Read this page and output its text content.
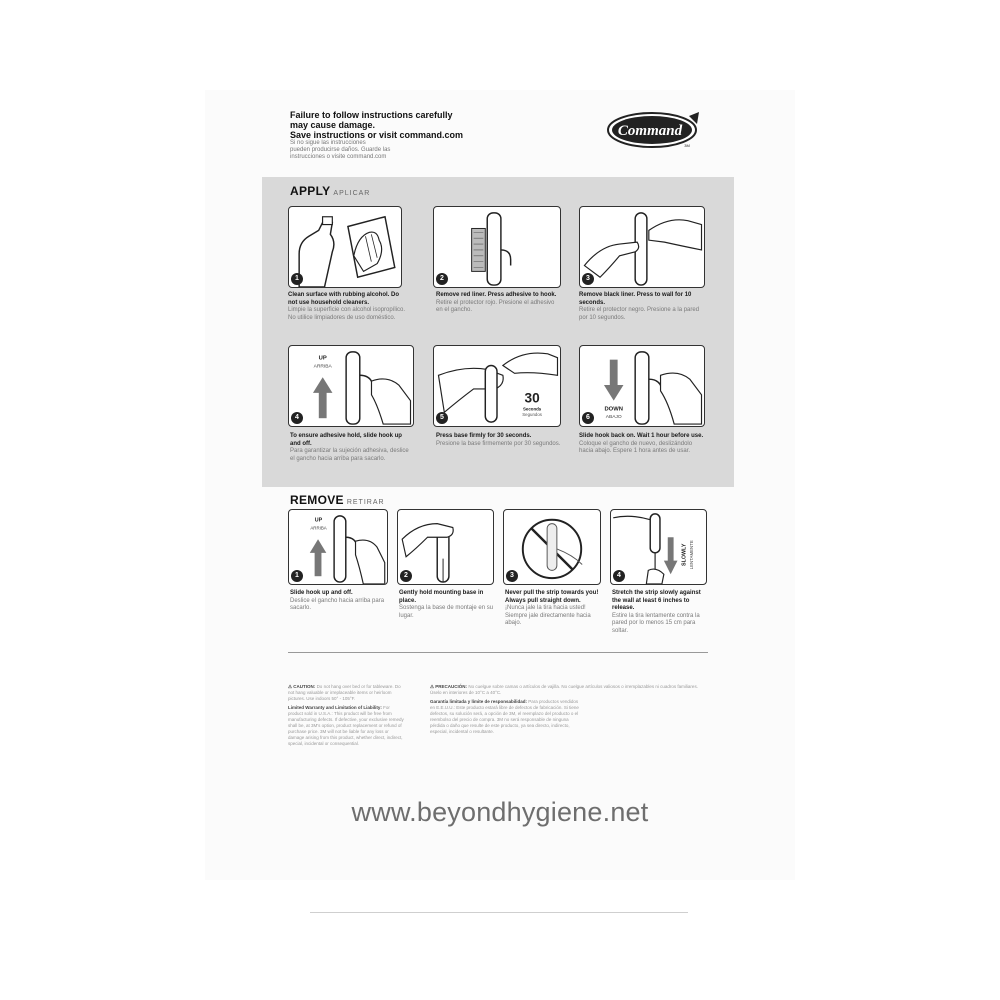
Failure to follow instructions carefully
may cause damage.
Save instructions or visit command.com
Si no sigue las instrucciones
pueden producirse daños. Guarde las
instrucciones o visite command.com
Command
3M
APPLY APLICAR
1
Clean surface with rubbing alcohol. Do not use household cleaners.
Limpie la superficie con alcohol isopropílico. No utilice limpiadores de uso doméstico.
2
Remove red liner. Press adhesive to hook.
Retire el protector rojo. Presione el adhesivo en el gancho.
3
Remove black liner. Press to wall for 10 seconds.
Retire el protector negro. Presione a la pared por 10 segundos.
UP
ARRIBA
4
To ensure adhesive hold, slide hook up and off.
Para garantizar la sujeción adhesiva, deslice el gancho hacia arriba para sacarlo.
30
Seconds
Segundos
5
Press base firmly for 30 seconds.
Presione la base firmemente por 30 segundos.
DOWN
ABAJO
6
Slide hook back on. Wait 1 hour before use.
Coloque el gancho de nuevo, deslizándolo hacia abajo. Espere 1 hora antes de usar.
REMOVE RETIRAR
UP
ARRIBA
1
Slide hook up and off.
Deslice el gancho hacia arriba para sacarlo.
2
Gently hold mounting base in place.
Sostenga la base de montaje en su lugar.
3
Never pull the strip towards you! Always pull straight down.
¡Nunca jale la tira hacia usted! Siempre jale directamente hacia abajo.
SLOWLY LENTAMENTE
4
Stretch the strip slowly against the wall at least 6 inches to release.
Estire la tira lentamente contra la pared por lo menos 15 cm para soltar.
⚠ CAUTION: Do not hang over bed or for tableware. Do not hang valuable or irreplaceable items or heirloom pictures. Use indoors 50° - 105°F.
Limited Warranty and Limitation of Liability: For product sold in U.S.A.: This product will be free from manufacturing defects. If defective, your exclusive remedy shall be, at 3M's option, product replacement or refund of purchase price. 3M will not be liable for any loss or damage arising from this product, whether direct, indirect, special, incidental or consequential.
⚠ PRECAUCIÓN: No cuelgue sobre camas o artículos de vajilla. No cuelgue artículos valiosos o irremplazables ni cuadros familiares. Úselo en interiores de 10°C a 40°C.
Garantía limitada y límite de responsabilidad: Para productos vendidos en E.E.U.U.: Este producto estará libre de defectos de fabricación. Si tiene defectos, su solución será, a opción de 3M, el reemplazo del producto o el reembolso del precio de compra. 3M no será responsable de ninguna pérdida o daño que resulte de este producto, ya sea directo, indirecto, especial, incidental o resultante.
www.beyondhygiene.net
